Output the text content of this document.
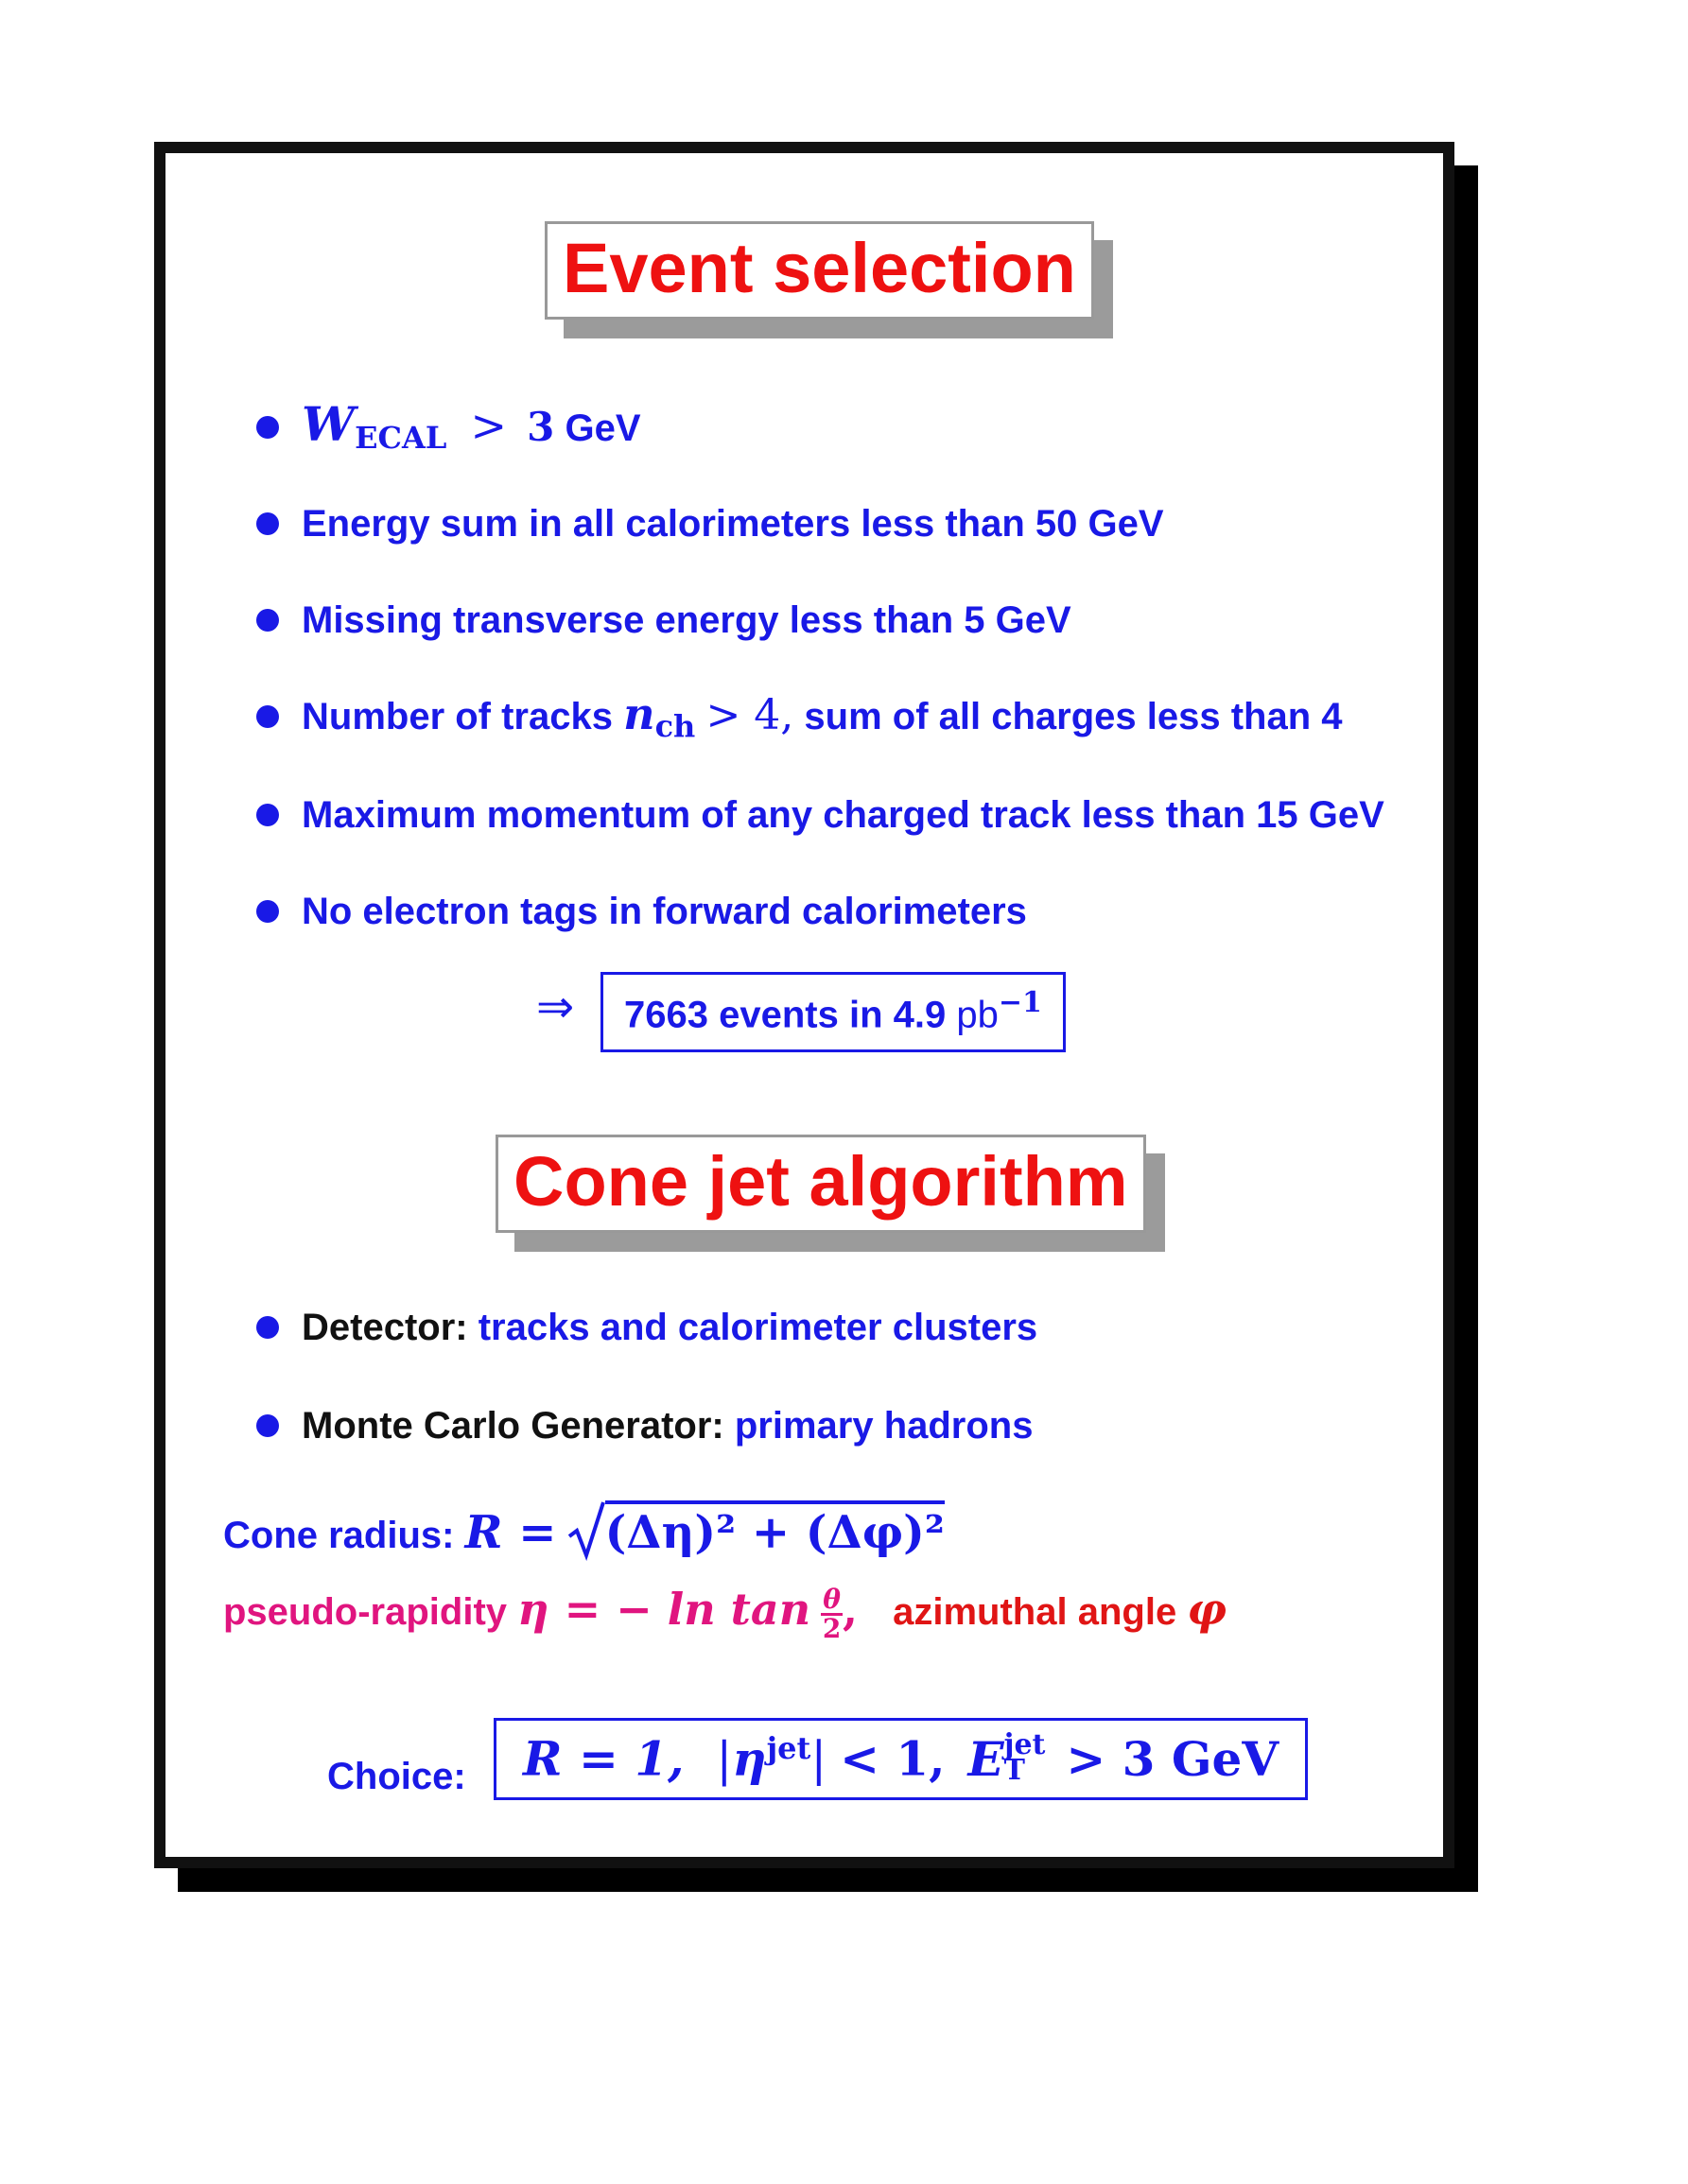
Event selection
$W_{ECAL} > 3$ GeV
Energy sum in all calorimeters less than 50 GeV
Missing transverse energy less than 5 GeV
Number of tracks $n_{ch} > 4$, sum of all charges less than 4
Maximum momentum of any charged track less than 15 GeV
No electron tags in forward calorimeters
⇒	7663 events in 4.9 $pb^{-1}$
Cone jet algorithm
Detector: tracks and calorimeter clusters
Monte Carlo Generator: primary hadrons
Cone radius: R = (Δη)² + (Δφ)²
pseudo-rapidity η = − $\ln \tan \frac{\theta}{2}$ , azimuthal angle φ
Choice:	R = 1, $|\eta^{jet}| < 1$, E jet
T > 3 GeV
